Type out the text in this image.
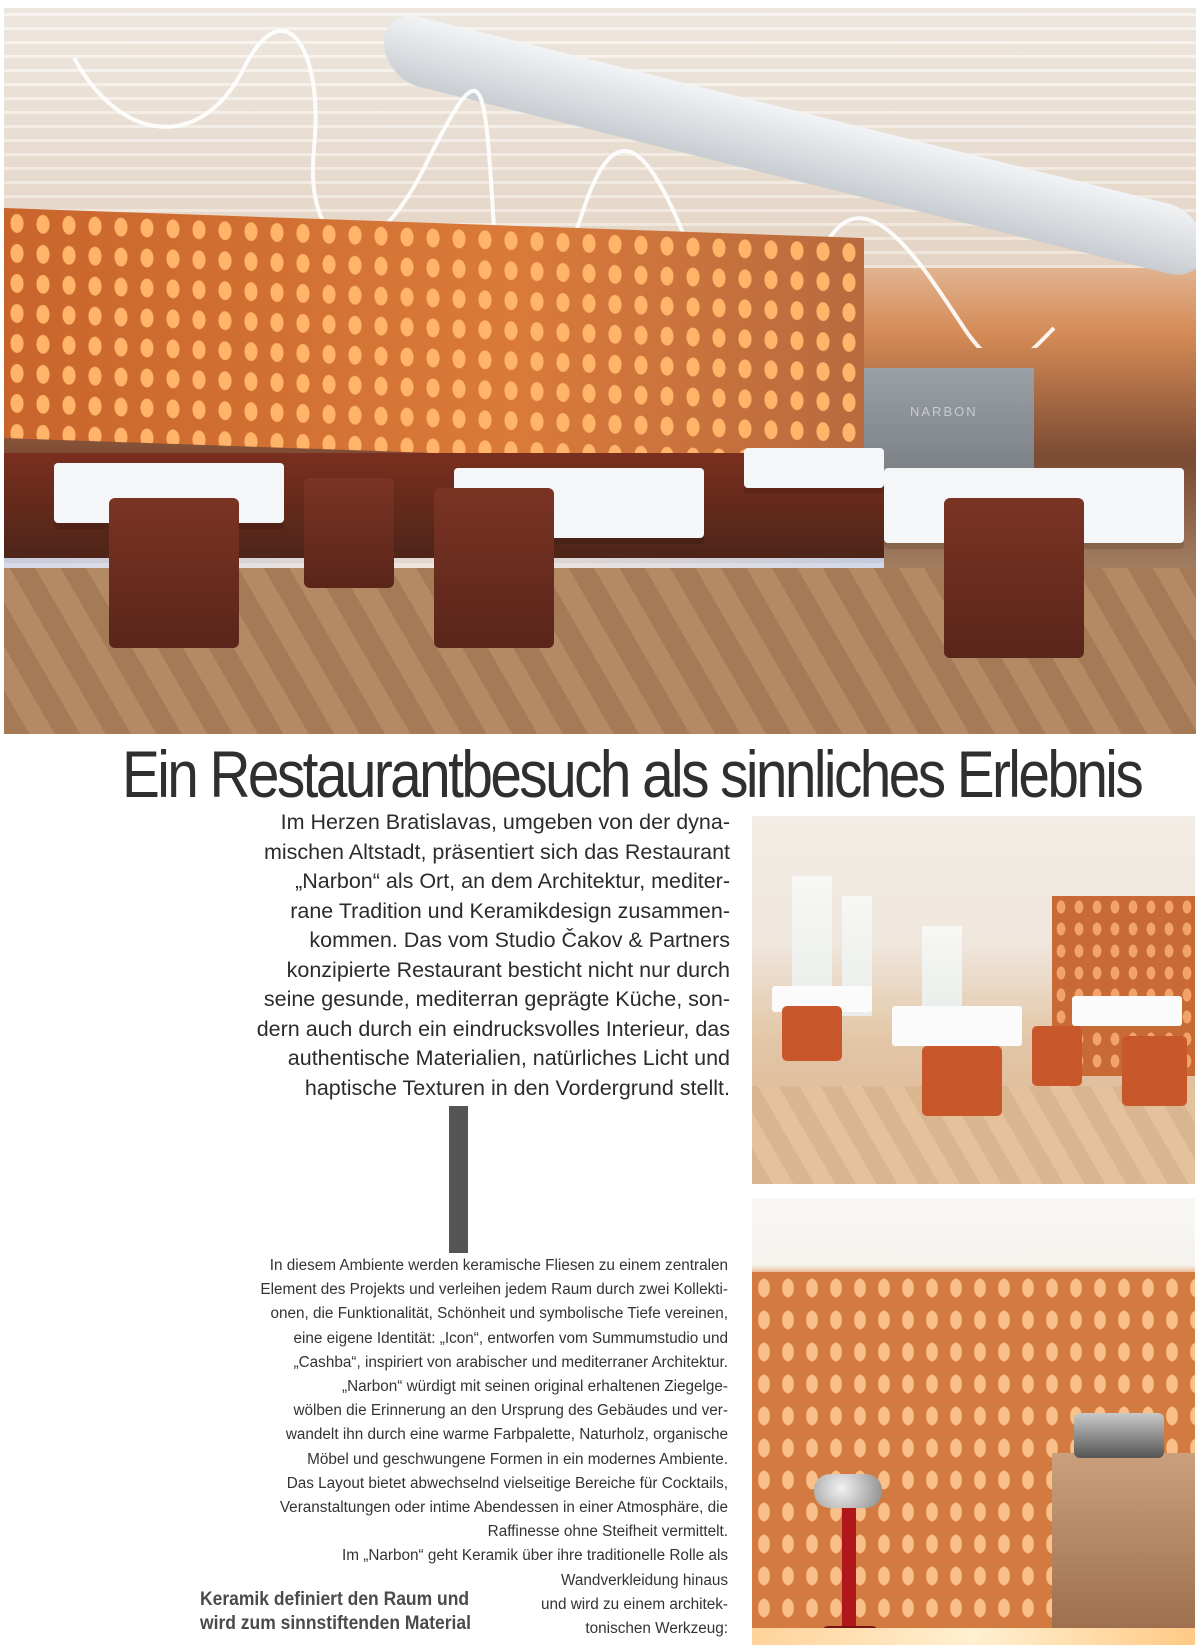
NARBON
Ein Restaurantbesuch als sinnliches Erlebnis
Im Herzen Bratislavas, umgeben von der dyna-
mischen Altstadt, präsentiert sich das Restaurant
„Narbon“ als Ort, an dem Architektur, mediter-
rane Tradition und Keramikdesign zusammen-
kommen. Das vom Studio Čakov & Partners
konzipierte Restaurant besticht nicht nur durch
seine gesunde, mediterran geprägte Küche, son-
dern auch durch ein eindrucksvolles Interieur, das
authentische Materialien, natürliches Licht und
haptische Texturen in den Vordergrund stellt.
In diesem Ambiente werden keramische Fliesen zu einem zentralen
Element des Projekts und verleihen jedem Raum durch zwei Kollekti-
onen, die Funktionalität, Schönheit und symbolische Tiefe vereinen,
eine eigene Identität: „Icon“, entworfen vom Summumstudio und
„Cashba“, inspiriert von arabischer und mediterraner Architektur.
„Narbon“ würdigt mit seinen original erhaltenen Ziegelge-
wölben die Erinnerung an den Ursprung des Gebäudes und ver-
wandelt ihn durch eine warme Farbpalette, Naturholz, organische
Möbel und geschwungene Formen in ein modernes Ambiente.
Das Layout bietet abwechselnd vielseitige Bereiche für Cocktails,
Veranstaltungen oder intime Abendessen in einer Atmosphäre, die
Raffinesse ohne Steifheit vermittelt.
Im „Narbon“ geht Keramik über ihre traditionelle Rolle als
Wandverkleidung hinaus
und wird zu einem architek-
tonischen Werkzeug:
Keramik definiert den Raum und
wird zum sinnstiftenden Material
